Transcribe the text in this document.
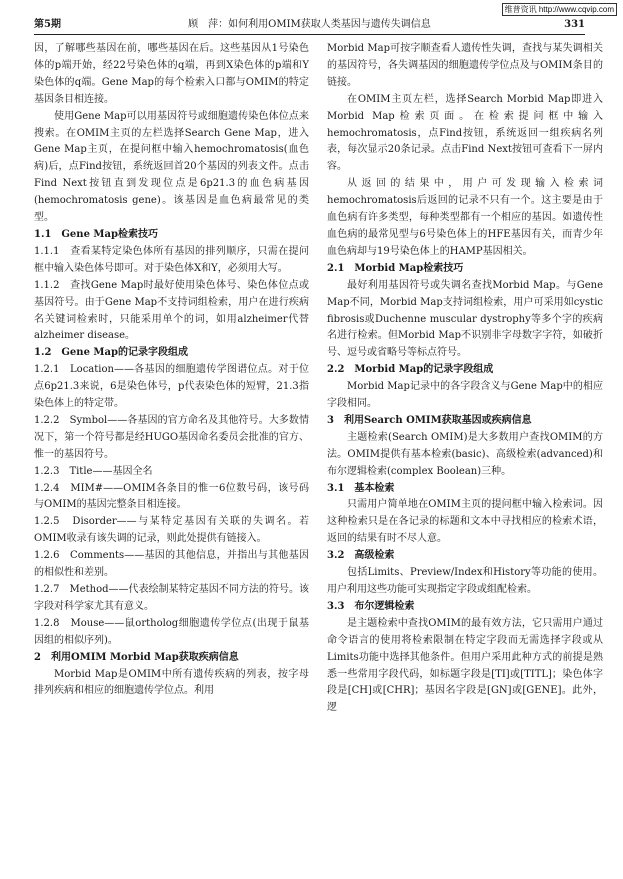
维普资讯 http://www.cqvip.com
第5期	顾　萍：如何利用OMIM获取人类基因与遗传失调信息	331

因，了解哪些基因在前，哪些基因在后。这些基因从1号染色体的p端开始，经22号染色体的q端，再到X染色体的p端和Y染色体的q端。Gene Map的每个检索入口都与OMIM的特定基因条目相连接。

使用Gene Map可以用基因符号或细胞遗传染色体位点来搜索。在OMIM主页的左栏选择Search Gene Map，进入Gene Map主页，在提问框中输入hemochromatosis(血色病)后，点Find按钮，系统返回首20个基因的列表文件。点击Find Next按钮直到发现位点是6p21.3的血色病基因(hemochromatosis gene)。该基因是血色病最常见的类型。

1.1　Gene Map检索技巧

1.1.1　查看某特定染色体所有基因的排列顺序，只需在提问框中输入染色体号即可。对于染色体X和Y，必须用大写。

1.1.2　查找Gene Map时最好使用染色体号、染色体位点或基因符号。由于Gene Map不支持词组检索，用户在进行疾病名关键词检索时，只能采用单个的词，如用alzheimer代替alzheimer disease。

1.2　Gene Map的记录字段组成

1.2.1　Location——各基因的细胞遗传学图谱位点。对于位点6p21.3来说，6是染色体号，p代表染色体的短臂，21.3指染色体上的特定带。

1.2.2　Symbol——各基因的官方命名及其他符号。大多数情况下，第一个符号都是经HUGO基因命名委员会批准的官方、惟一的基因符号。

1.2.3　Title——基因全名

1.2.4　MIM#——OMIM各条目的惟一6位数号码，该号码与OMIM的基因完整条目相连接。

1.2.5　Disorder——与某特定基因有关联的失调名。若OMIM收录有该失调的记录，则此处提供有链接入。

1.2.6　Comments——基因的其他信息，并指出与其他基因的相似性和差别。

1.2.7　Method——代表绘制某特定基因不同方法的符号。该字段对科学家尤其有意义。

1.2.8　Mouse——鼠ortholog细胞遗传学位点(出现于鼠基因组的相似序列)。

2　利用OMIM Morbid Map获取疾病信息

Morbid Map是OMIM中所有遗传疾病的列表，按字母排列疾病和相应的细胞遗传学位点。利用

Morbid Map可按字顺查看人遗传性失调，查找与某失调相关的基因符号，各失调基因的细胞遗传学位点及与OMIM条目的链接。

在OMIM主页左栏，选择Search Morbid Map即进入Morbid Map检索页面。在检索提问框中输入hemochromatosis，点Find按钮，系统返回一组疾病名列表，每次显示20条记录。点击Find Next按钮可查看下一屏内容。

从返回的结果中，用户可发现输入检索词hemochromatosis后返回的记录不只有一个。这主要是由于血色病有许多类型，每种类型都有一个相应的基因。如遗传性血色病的最常见型与6号染色体上的HFE基因有关，而青少年血色病却与19号染色体上的HAMP基因相关。

2.1　Morbid Map检索技巧

最好利用基因符号或失调名查找Morbid Map。与Gene Map不同，Morbid Map支持词组检索，用户可采用如cystic fibrosis或Duchenne muscular dystrophy等多个字的疾病名进行检索。但Morbid Map不识别非字母数字字符，如破折号、逗号或省略号等标点符号。

2.2　Morbid Map的记录字段组成

Morbid Map记录中的各字段含义与Gene Map中的相应字段相同。

3　利用Search OMIM获取基因或疾病信息

主题检索(Search OMIM)是大多数用户查找OMIM的方法。OMIM提供有基本检索(basic)、高级检索(advanced)和布尔逻辑检索(complex Boolean)三种。

3.1　基本检索

只需用户简单地在OMIM主页的提问框中输入检索词。因这种检索只是在各记录的标题和文本中寻找相应的检索术语，返回的结果有时不尽人意。

3.2　高级检索

包括Limits、Preview/Index和History等功能的使用。用户利用这些功能可实现指定字段或组配检索。

3.3　布尔逻辑检索

是主题检索中查找OMIM的最有效方法，它只需用户通过命令语言的使用将检索限制在特定字段而无需选择字段或从Limits功能中选择其他条件。但用户采用此种方式的前提是熟悉一些常用字段代码，如标题字段是[TI]或[TITL]；染色体字段是[CH]或[CHR]；基因名字段是[GN]或[GENE]。此外，逻
